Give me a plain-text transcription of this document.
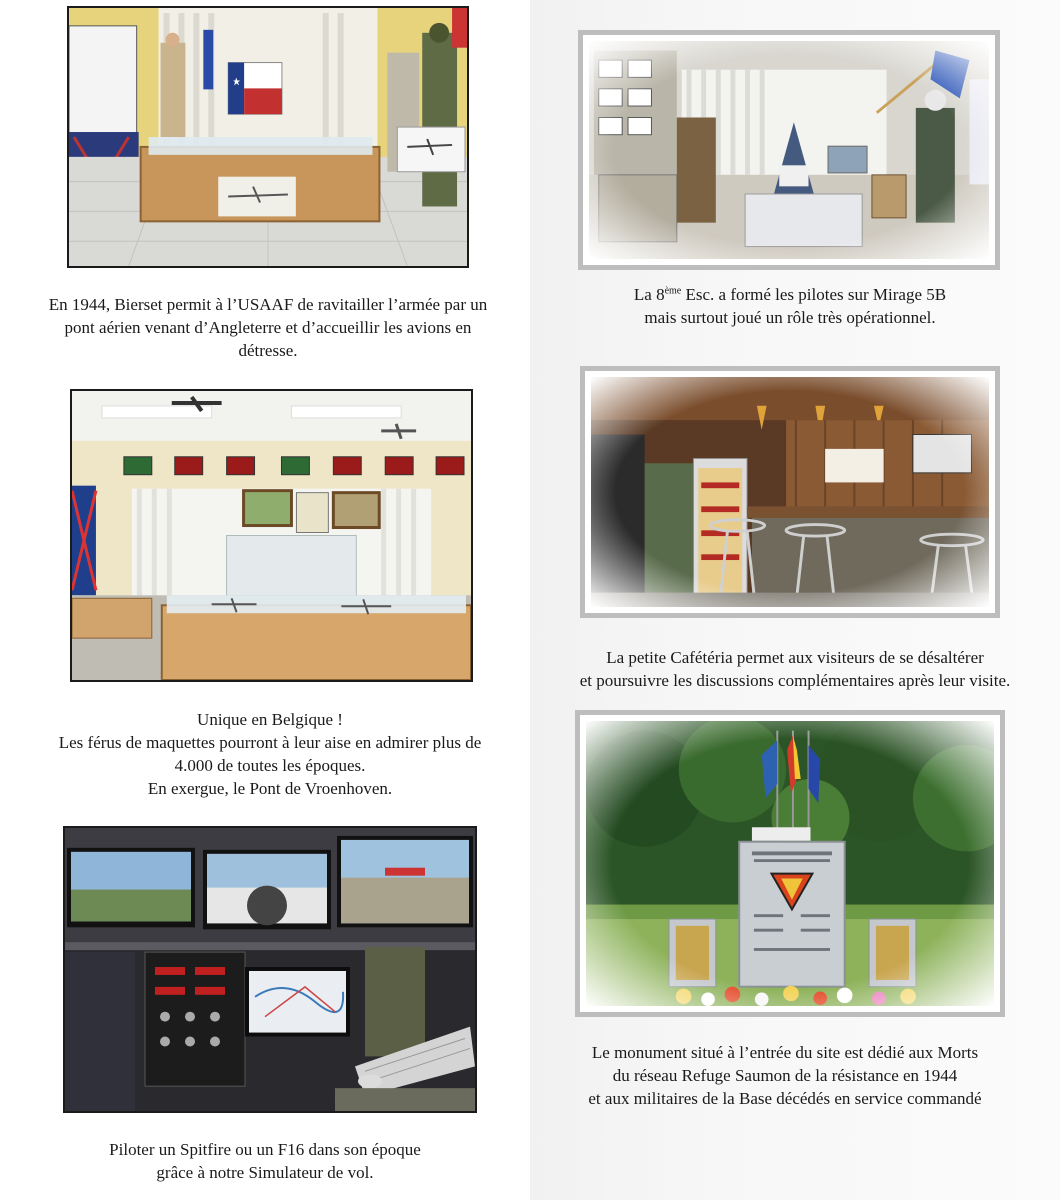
En 1944, Bierset permit à l’USAAF de ravitailler l’armée par un
pont aérien venant d’Angleterre et d’accueillir les avions en
détresse.
La 8ème Esc. a formé les pilotes sur Mirage 5B
mais surtout joué un rôle très opérationnel.
Unique en Belgique !
Les férus de maquettes pourront à leur aise en admirer plus de
4.000 de toutes les époques.
En exergue, le Pont de Vroenhoven.
La petite Cafétéria permet aux visiteurs de se désaltérer
et poursuivre les discussions complémentaires après leur visite.
Piloter un Spitfire ou un F16 dans son époque
grâce à notre Simulateur de vol.
Le monument situé à l’entrée du site est dédié aux Morts
du réseau Refuge Saumon de la résistance en 1944
et aux militaires de la Base décédés en service commandé
